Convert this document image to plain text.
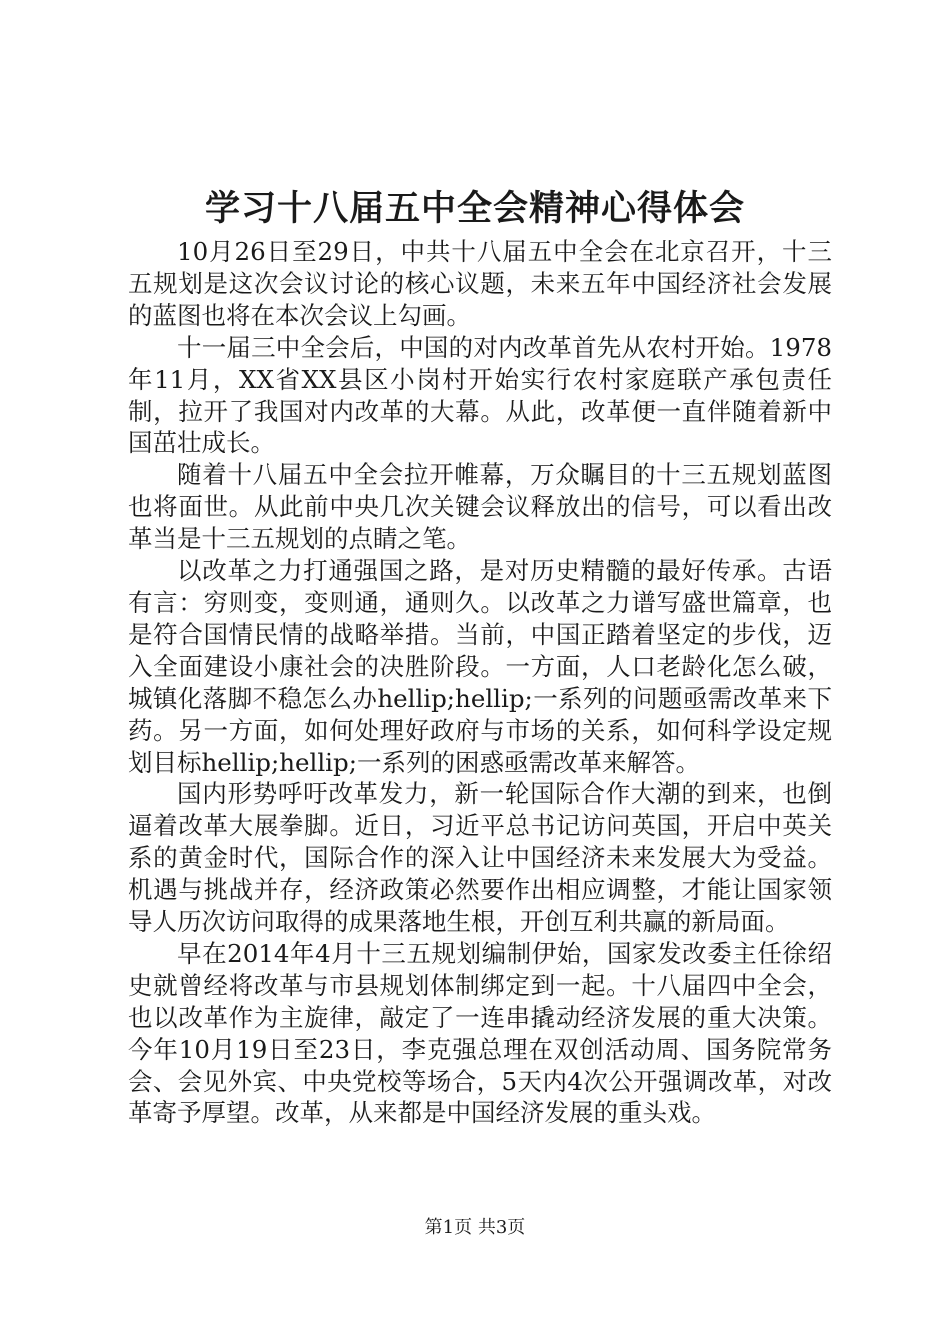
学习十八届五中全会精神心得体会

10月26日至29日，中共十八届五中全会在北京召开，十三五规划是这次会议讨论的核心议题，未来五年中国经济社会发展的蓝图也将在本次会议上勾画。

十一届三中全会后，中国的对内改革首先从农村开始。1978年11月，XX省XX县区小岗村开始实行农村家庭联产承包责任制，拉开了我国对内改革的大幕。从此，改革便一直伴随着新中国茁壮成长。

随着十八届五中全会拉开帷幕，万众瞩目的十三五规划蓝图也将面世。从此前中央几次关键会议释放出的信号，可以看出改革当是十三五规划的点睛之笔。

以改革之力打通强国之路，是对历史精髓的最好传承。古语有言：穷则变，变则通，通则久。以改革之力谱写盛世篇章，也是符合国情民情的战略举措。当前，中国正踏着坚定的步伐，迈入全面建设小康社会的决胜阶段。一方面，人口老龄化怎么破，城镇化落脚不稳怎么办hellip;hellip;一系列的问题亟需改革来下药。另一方面，如何处理好政府与市场的关系，如何科学设定规划目标hellip;hellip;一系列的困惑亟需改革来解答。

国内形势呼吁改革发力，新一轮国际合作大潮的到来，也倒逼着改革大展拳脚。近日，习近平总书记访问英国，开启中英关系的黄金时代，国际合作的深入让中国经济未来发展大为受益。机遇与挑战并存，经济政策必然要作出相应调整，才能让国家领导人历次访问取得的成果落地生根，开创互利共赢的新局面。

早在2014年4月十三五规划编制伊始，国家发改委主任徐绍史就曾经将改革与市县规划体制绑定到一起。十八届四中全会，也以改革作为主旋律，敲定了一连串撬动经济发展的重大决策。今年10月19日至23日，李克强总理在双创活动周、国务院常务会、会见外宾、中央党校等场合，5天内4次公开强调改革，对改革寄予厚望。改革，从来都是中国经济发展的重头戏。

第1页 共3页
